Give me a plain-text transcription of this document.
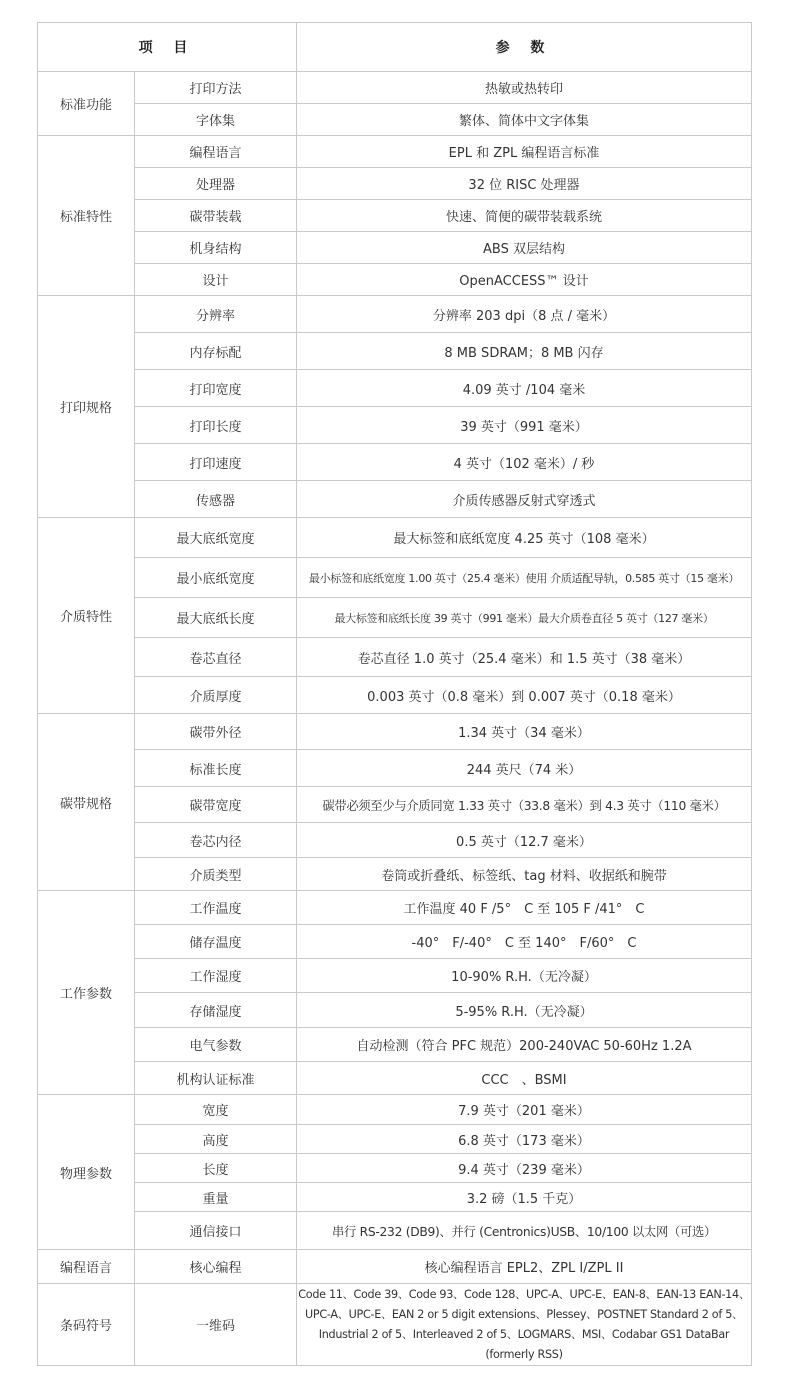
项 目		参 数
标准功能	打印方法	热敏或热转印
	字体集	繁体、简体中文字体集
标准特性	编程语言	EPL 和 ZPL 编程语言标准
	处理器	32 位 RISC 处理器
	碳带装载	快速、简便的碳带装载系统
	机身结构	ABS 双层结构
	设计	OpenACCESS™ 设计
打印规格	分辨率	分辨率 203 dpi（8 点 / 毫米）
	内存标配	8 MB SDRAM；8 MB 闪存
	打印宽度	4.09 英寸 /104 毫米
	打印长度	39 英寸（991 毫米）
	打印速度	4 英寸（102 毫米）/ 秒
	传感器	介质传感器反射式穿透式
介质特性	最大底纸宽度	最大标签和底纸宽度 4.25 英寸（108 毫米）
	最小底纸宽度	最小标签和底纸宽度 1.00 英寸（25.4 毫米）使用 介质适配导轨，0.585 英寸（15 毫米）
	最大底纸长度	最大标签和底纸长度 39 英寸（991 毫米）最大介质卷直径 5 英寸（127 毫米）
	卷芯直径	卷芯直径 1.0 英寸（25.4 毫米）和 1.5 英寸（38 毫米）
	介质厚度	0.003 英寸（0.8 毫米）到 0.007 英寸（0.18 毫米）
碳带规格	碳带外径	1.34 英寸（34 毫米）
	标准长度	244 英尺（74 米）
	碳带宽度	碳带必须至少与介质同宽 1.33 英寸（33.8 毫米）到 4.3 英寸（110 毫米）
	卷芯内径	0.5 英寸（12.7 毫米）
	介质类型	卷筒或折叠纸、标签纸、tag 材料、收据纸和腕带
工作参数	工作温度	工作温度 40 F /5°　C 至 105 F /41°　C
	储存温度	-40°　F/-40°　C 至 140°　F/60°　C
	工作湿度	10-90% R.H.（无冷凝）
	存储湿度	5-95% R.H.（无冷凝）
	电气参数	自动检测（符合 PFC 规范）200-240VAC 50-60Hz 1.2A
	机构认证标准	CCC　、BSMI
物理参数	宽度	7.9 英寸（201 毫米）
	高度	6.8 英寸（173 毫米）
	长度	9.4 英寸（239 毫米）
	重量	3.2 磅（1.5 千克）
	通信接口	串行 RS-232 (DB9)、并行 (Centronics)USB、10/100 以太网（可选）
编程语言	核心编程	核心编程语言 EPL2、ZPL I/ZPL II
条码符号	一维码	Code 11、Code 39、Code 93、Code 128、UPC-A、UPC-E、EAN-8、EAN-13 EAN-14、UPC-A、UPC-E、EAN 2 or 5 digit extensions、Plessey、POSTNET Standard 2 of 5、Industrial 2 of 5、Interleaved 2 of 5、LOGMARS、MSI、Codabar GS1 DataBar (formerly RSS)
